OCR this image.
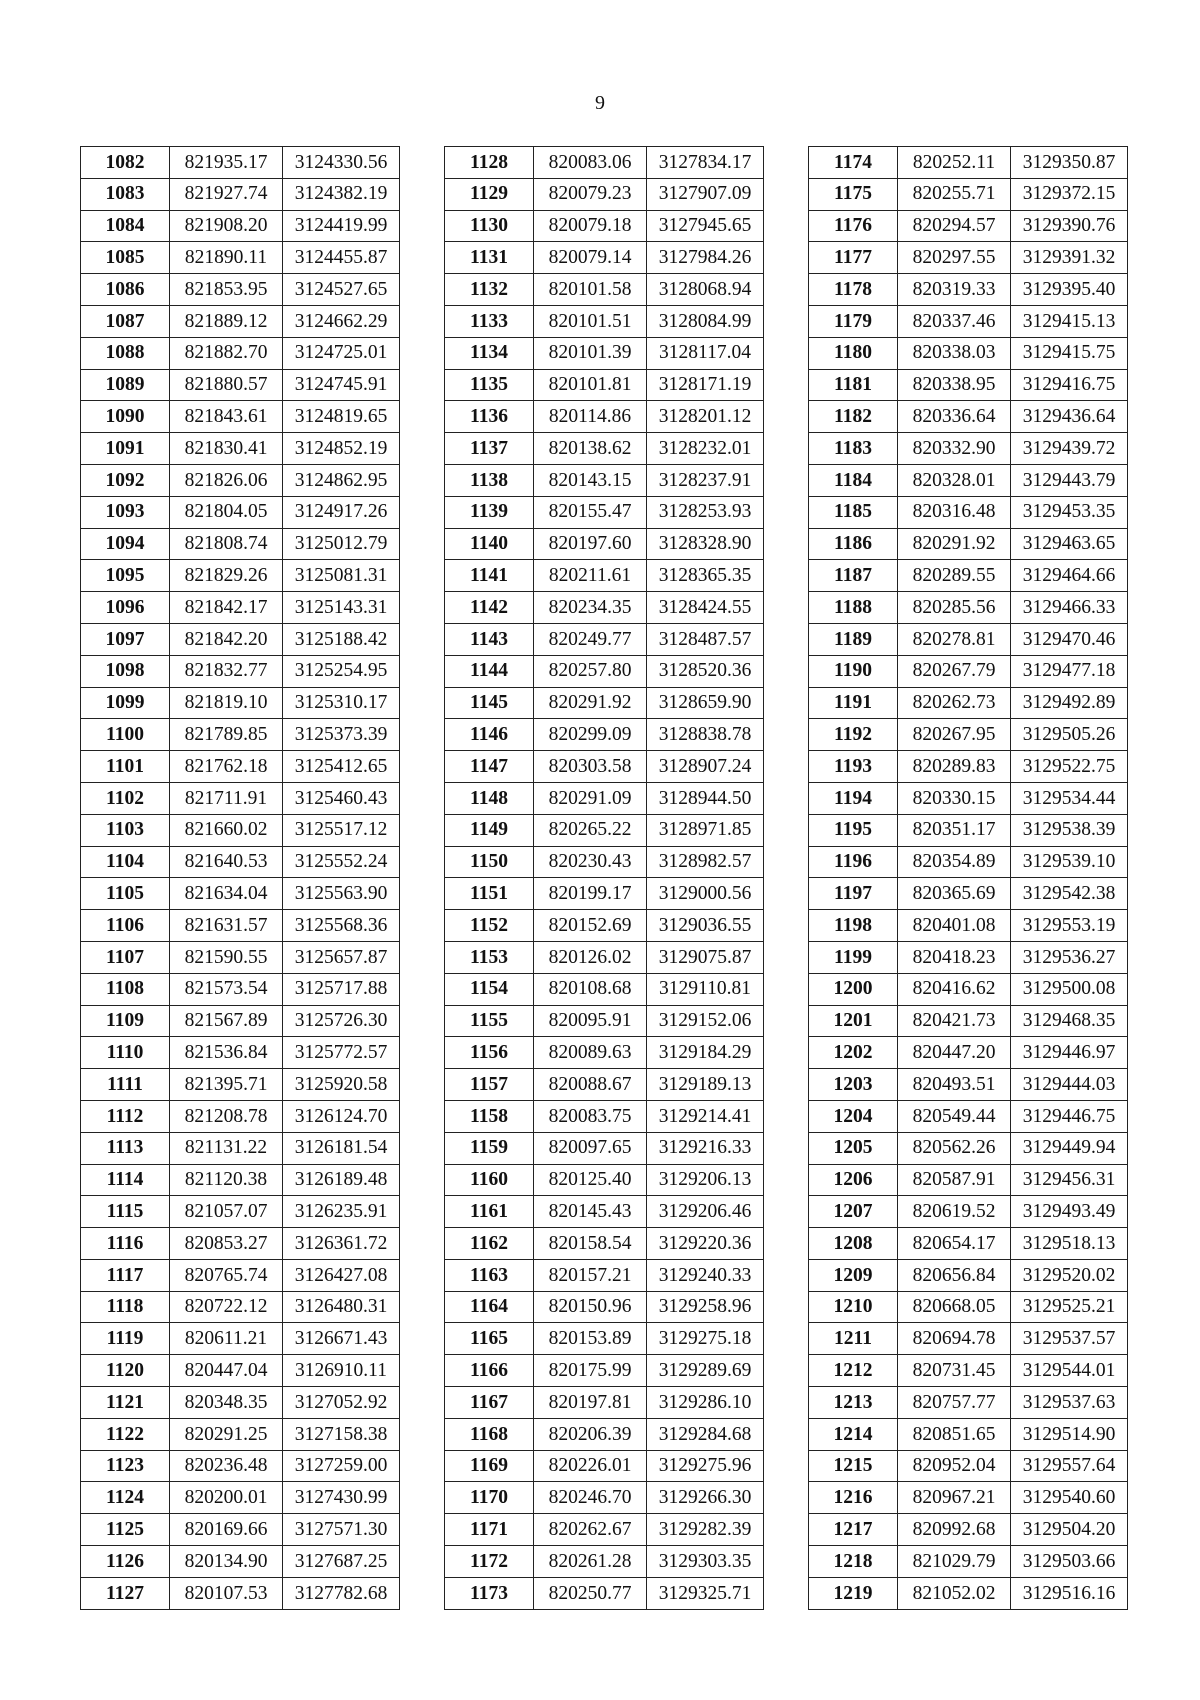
9
1082	821935.17	3124330.56
1083	821927.74	3124382.19
1084	821908.20	3124419.99
1085	821890.11	3124455.87
1086	821853.95	3124527.65
1087	821889.12	3124662.29
1088	821882.70	3124725.01
1089	821880.57	3124745.91
1090	821843.61	3124819.65
1091	821830.41	3124852.19
1092	821826.06	3124862.95
1093	821804.05	3124917.26
1094	821808.74	3125012.79
1095	821829.26	3125081.31
1096	821842.17	3125143.31
1097	821842.20	3125188.42
1098	821832.77	3125254.95
1099	821819.10	3125310.17
1100	821789.85	3125373.39
1101	821762.18	3125412.65
1102	821711.91	3125460.43
1103	821660.02	3125517.12
1104	821640.53	3125552.24
1105	821634.04	3125563.90
1106	821631.57	3125568.36
1107	821590.55	3125657.87
1108	821573.54	3125717.88
1109	821567.89	3125726.30
1110	821536.84	3125772.57
1111	821395.71	3125920.58
1112	821208.78	3126124.70
1113	821131.22	3126181.54
1114	821120.38	3126189.48
1115	821057.07	3126235.91
1116	820853.27	3126361.72
1117	820765.74	3126427.08
1118	820722.12	3126480.31
1119	820611.21	3126671.43
1120	820447.04	3126910.11
1121	820348.35	3127052.92
1122	820291.25	3127158.38
1123	820236.48	3127259.00
1124	820200.01	3127430.99
1125	820169.66	3127571.30
1126	820134.90	3127687.25
1127	820107.53	3127782.68
1128	820083.06	3127834.17
1129	820079.23	3127907.09
1130	820079.18	3127945.65
1131	820079.14	3127984.26
1132	820101.58	3128068.94
1133	820101.51	3128084.99
1134	820101.39	3128117.04
1135	820101.81	3128171.19
1136	820114.86	3128201.12
1137	820138.62	3128232.01
1138	820143.15	3128237.91
1139	820155.47	3128253.93
1140	820197.60	3128328.90
1141	820211.61	3128365.35
1142	820234.35	3128424.55
1143	820249.77	3128487.57
1144	820257.80	3128520.36
1145	820291.92	3128659.90
1146	820299.09	3128838.78
1147	820303.58	3128907.24
1148	820291.09	3128944.50
1149	820265.22	3128971.85
1150	820230.43	3128982.57
1151	820199.17	3129000.56
1152	820152.69	3129036.55
1153	820126.02	3129075.87
1154	820108.68	3129110.81
1155	820095.91	3129152.06
1156	820089.63	3129184.29
1157	820088.67	3129189.13
1158	820083.75	3129214.41
1159	820097.65	3129216.33
1160	820125.40	3129206.13
1161	820145.43	3129206.46
1162	820158.54	3129220.36
1163	820157.21	3129240.33
1164	820150.96	3129258.96
1165	820153.89	3129275.18
1166	820175.99	3129289.69
1167	820197.81	3129286.10
1168	820206.39	3129284.68
1169	820226.01	3129275.96
1170	820246.70	3129266.30
1171	820262.67	3129282.39
1172	820261.28	3129303.35
1173	820250.77	3129325.71
1174	820252.11	3129350.87
1175	820255.71	3129372.15
1176	820294.57	3129390.76
1177	820297.55	3129391.32
1178	820319.33	3129395.40
1179	820337.46	3129415.13
1180	820338.03	3129415.75
1181	820338.95	3129416.75
1182	820336.64	3129436.64
1183	820332.90	3129439.72
1184	820328.01	3129443.79
1185	820316.48	3129453.35
1186	820291.92	3129463.65
1187	820289.55	3129464.66
1188	820285.56	3129466.33
1189	820278.81	3129470.46
1190	820267.79	3129477.18
1191	820262.73	3129492.89
1192	820267.95	3129505.26
1193	820289.83	3129522.75
1194	820330.15	3129534.44
1195	820351.17	3129538.39
1196	820354.89	3129539.10
1197	820365.69	3129542.38
1198	820401.08	3129553.19
1199	820418.23	3129536.27
1200	820416.62	3129500.08
1201	820421.73	3129468.35
1202	820447.20	3129446.97
1203	820493.51	3129444.03
1204	820549.44	3129446.75
1205	820562.26	3129449.94
1206	820587.91	3129456.31
1207	820619.52	3129493.49
1208	820654.17	3129518.13
1209	820656.84	3129520.02
1210	820668.05	3129525.21
1211	820694.78	3129537.57
1212	820731.45	3129544.01
1213	820757.77	3129537.63
1214	820851.65	3129514.90
1215	820952.04	3129557.64
1216	820967.21	3129540.60
1217	820992.68	3129504.20
1218	821029.79	3129503.66
1219	821052.02	3129516.16
